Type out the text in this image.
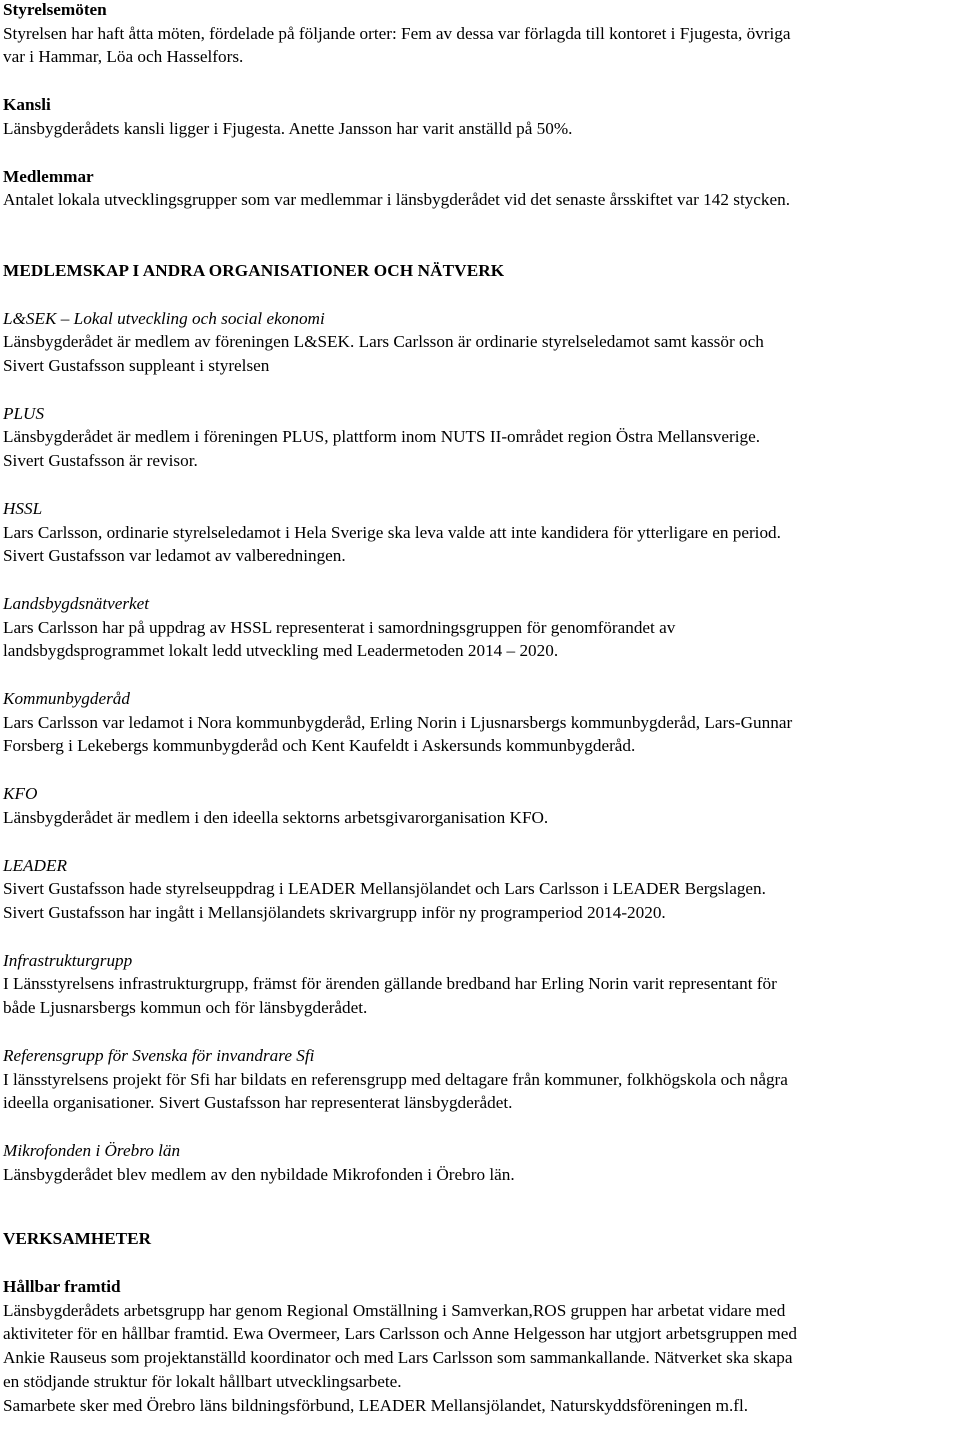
Styrelsemöten
Styrelsen har haft åtta möten, fördelade på följande orter: Fem av dessa var förlagda till kontoret i Fjugesta, övriga
var i Hammar, Löa och Hasselfors.
Kansli
Länsbygderådets kansli ligger i Fjugesta. Anette Jansson har varit anställd på 50%.
Medlemmar
Antalet lokala utvecklingsgrupper som var medlemmar i länsbygderådet vid det senaste årsskiftet var 142 stycken.
MEDLEMSKAP I ANDRA ORGANISATIONER OCH NÄTVERK
L&SEK – Lokal utveckling och social ekonomi
Länsbygderådet är medlem av föreningen L&SEK. Lars Carlsson är ordinarie styrelseledamot samt kassör och
Sivert Gustafsson suppleant i styrelsen
PLUS
Länsbygderådet är medlem i föreningen PLUS, plattform inom NUTS II-området region Östra Mellansverige.
Sivert Gustafsson är revisor.
HSSL
Lars Carlsson, ordinarie styrelseledamot i Hela Sverige ska leva valde att inte kandidera för ytterligare en period.
Sivert Gustafsson var ledamot av valberedningen.
Landsbygdsnätverket
Lars Carlsson har på uppdrag av HSSL representerat i samordningsgruppen för genomförandet av
landsbygdsprogrammet lokalt ledd utveckling med Leadermetoden 2014 – 2020.
Kommunbygderåd
Lars Carlsson var ledamot i Nora kommunbygderåd, Erling Norin i Ljusnarsbergs kommunbygderåd, Lars-Gunnar
Forsberg i Lekebergs kommunbygderåd och Kent Kaufeldt i Askersunds kommunbygderåd.
KFO
Länsbygderådet är medlem i den ideella sektorns arbetsgivarorganisation KFO.
LEADER
Sivert Gustafsson hade styrelseuppdrag i LEADER Mellansjölandet och Lars Carlsson i LEADER Bergslagen.
Sivert Gustafsson har ingått i Mellansjölandets skrivargrupp inför ny programperiod 2014-2020.
Infrastrukturgrupp
I Länsstyrelsens infrastrukturgrupp, främst för ärenden gällande bredband har Erling Norin varit representant för
både Ljusnarsbergs kommun och för länsbygderådet.
Referensgrupp för Svenska för invandrare Sfi
I länsstyrelsens projekt för Sfi har bildats en referensgrupp med deltagare från kommuner, folkhögskola och några
ideella organisationer. Sivert Gustafsson har representerat länsbygderådet.
Mikrofonden i Örebro län
Länsbygderådet blev medlem av den nybildade Mikrofonden i Örebro län.
VERKSAMHETER
Hållbar framtid
Länsbygderådets arbetsgrupp har genom Regional Omställning i Samverkan,ROS gruppen har arbetat vidare med
aktiviteter för en hållbar framtid. Ewa Overmeer, Lars Carlsson och Anne Helgesson har utgjort arbetsgruppen med
Ankie Rauseus som projektanställd koordinator och med Lars Carlsson som sammankallande. Nätverket ska skapa
en stödjande struktur för lokalt hållbart utvecklingsarbete.
Samarbete sker med Örebro läns bildningsförbund, LEADER Mellansjölandet, Naturskyddsföreningen m.fl.
